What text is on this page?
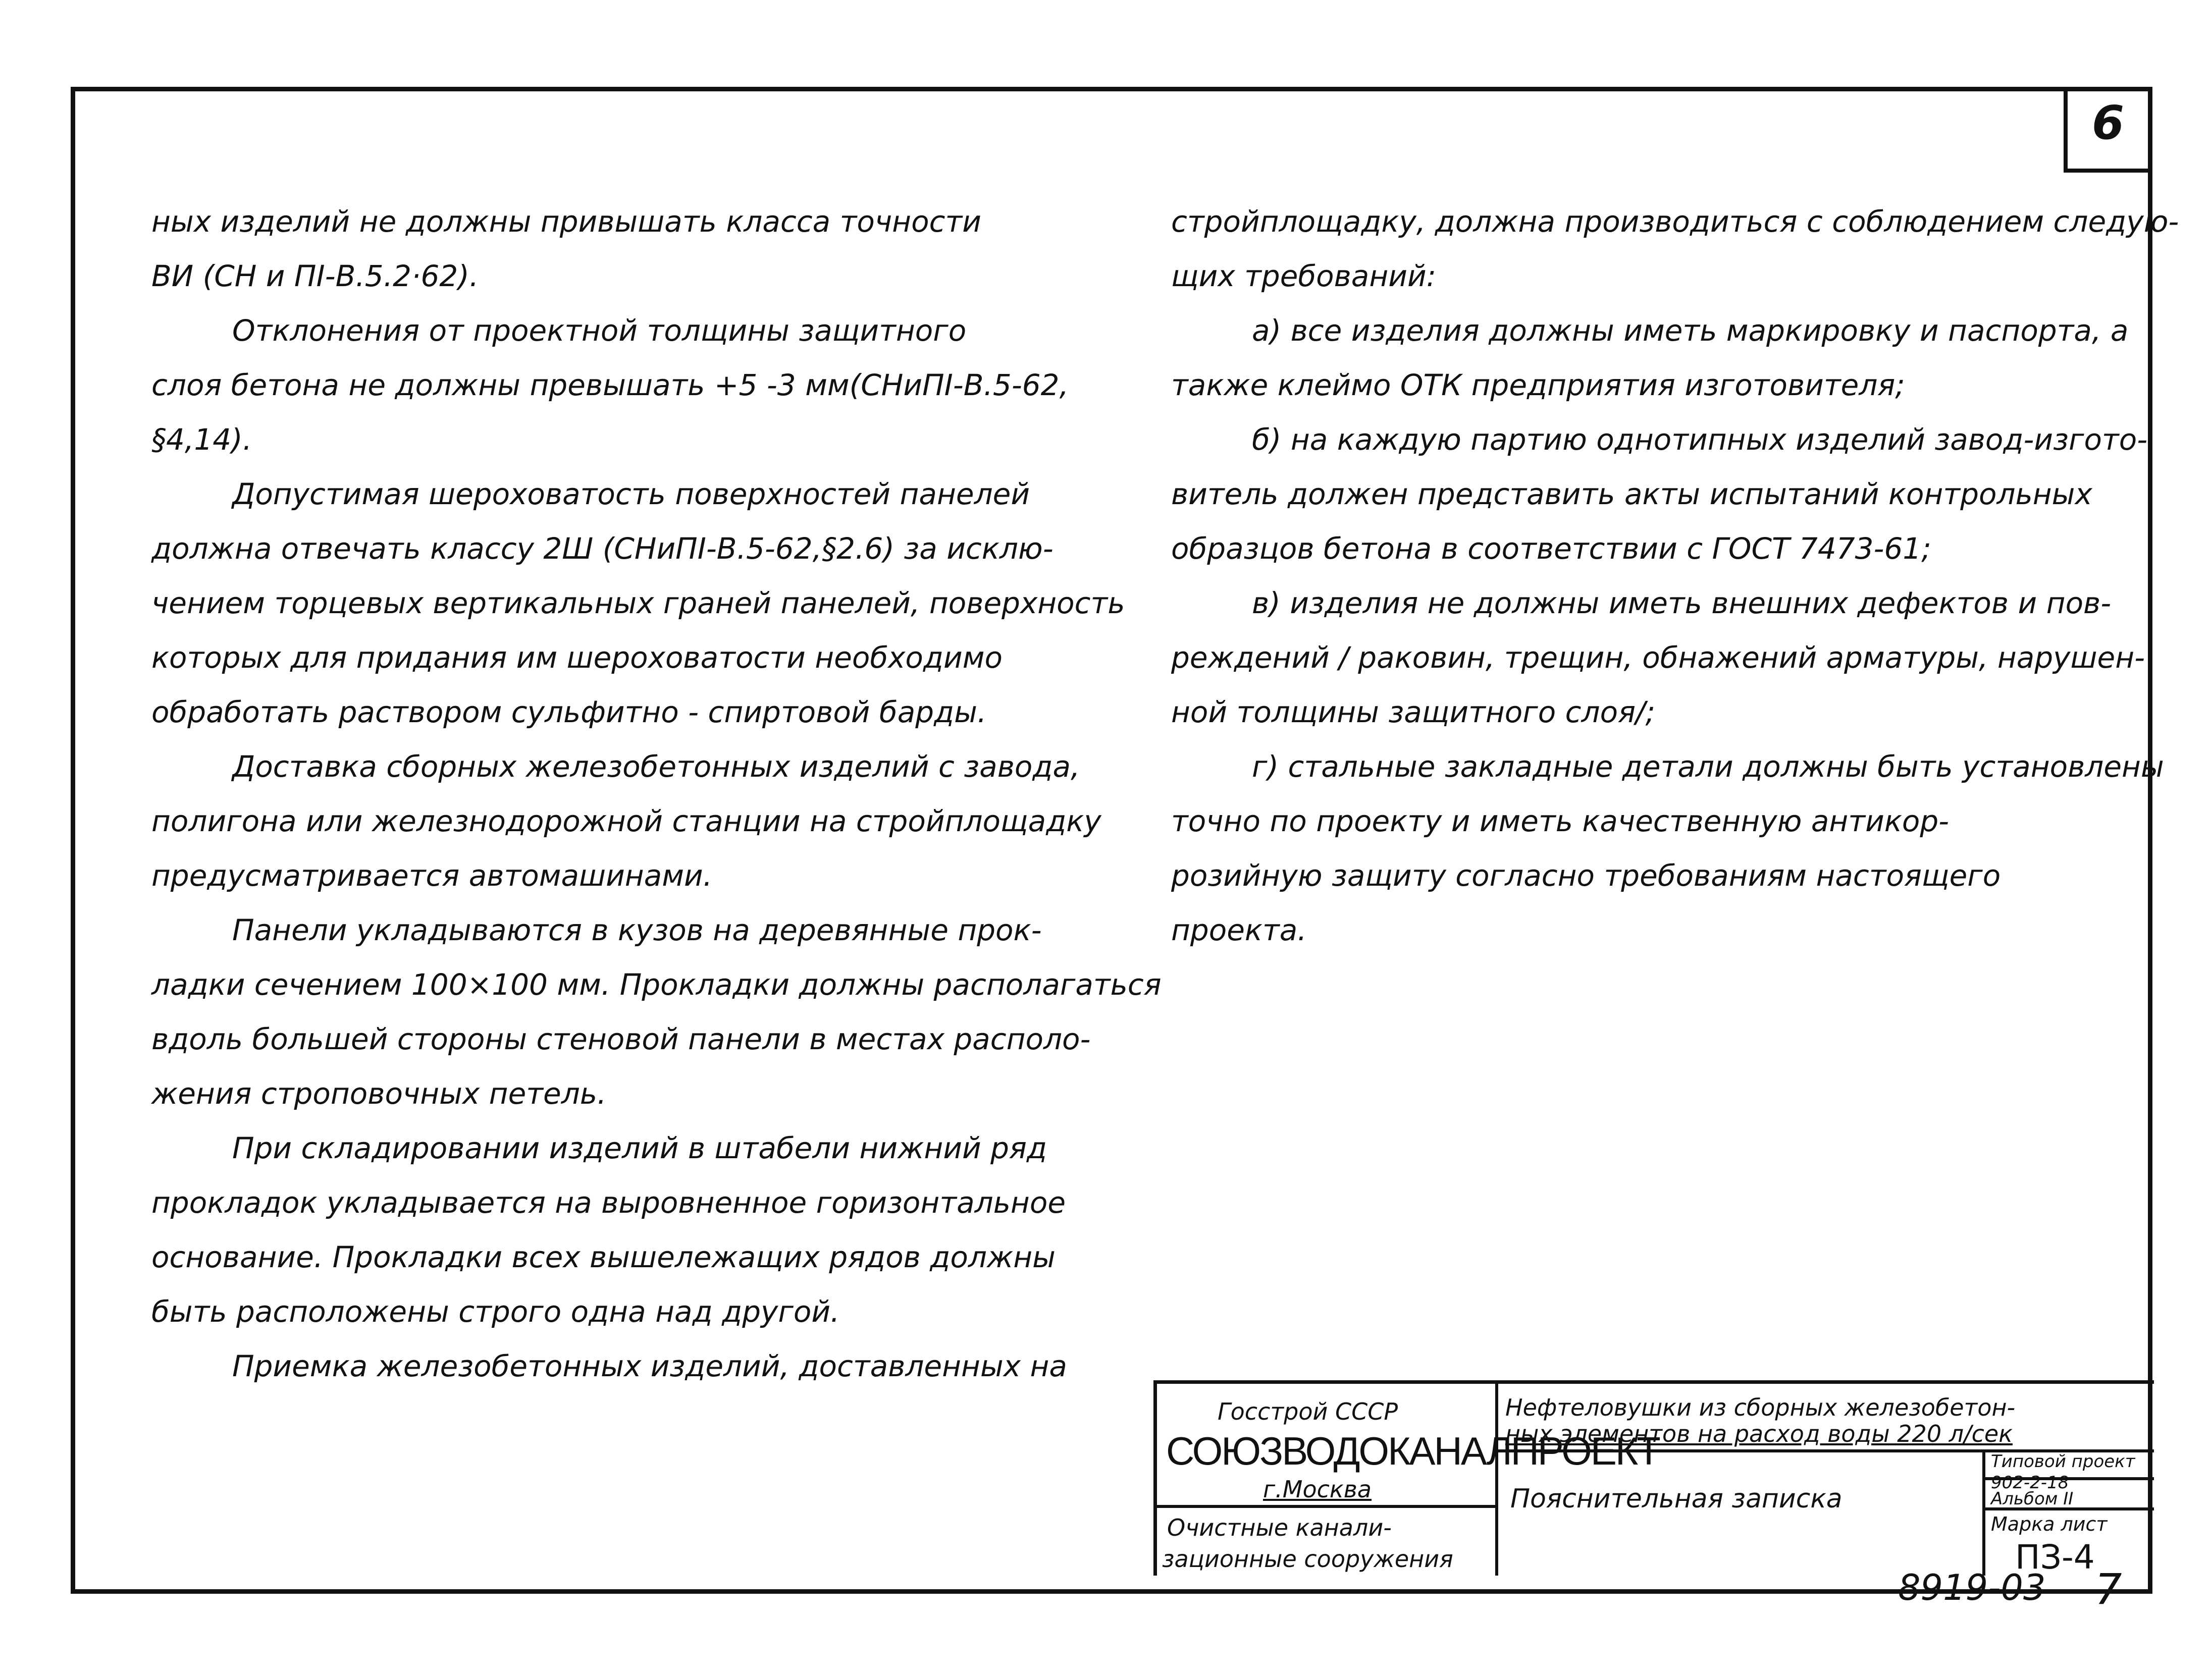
6

ных изделий не должны привышать класса точности

ВИ (СН и ПI-В.5.2·62).

Отклонения от проектной толщины защитного

слоя бетона не должны превышать +5 -3 мм(СНиПI-В.5-62,

§4,14).

Допустимая шероховатость поверхностей панелей

должна отвечать классу 2Ш (СНиПI-В.5-62,§2.6) за исклю-

чением торцевых вертикальных граней панелей, поверхность

которых для придания им шероховатости необходимо

обработать раствором сульфитно - спиртовой барды.

Доставка сборных железобетонных изделий с завода,

полигона или железнодорожной станции на стройплощадку

предусматривается автомашинами.

Панели укладываются в кузов на деревянные прок-

ладки сечением 100×100 мм. Прокладки должны располагаться

вдоль большей стороны стеновой панели в местах располо-

жения строповочных петель.

При складировании изделий в штабели нижний ряд

прокладок укладывается на выровненное горизонтальное

основание. Прокладки всех вышележащих рядов должны

быть расположены строго одна над другой.

Приемка железобетонных изделий, доставленных на

стройплощадку, должна производиться с соблюдением следую-

щих требований:

а) все изделия должны иметь маркировку и паспорта, а

также клеймо ОТК предприятия изготовителя;

б) на каждую партию однотипных изделий завод-изгото-

витель должен представить акты испытаний контрольных

образцов бетона в соответствии с ГОСТ 7473-61;

в) изделия не должны иметь внешних дефектов и пов-

реждений / раковин, трещин, обнажений арматуры, нарушен-

ной толщины защитного слоя/;

г) стальные закладные детали должны быть установлены

точно по проекту и иметь качественную антикор-

розийную защиту согласно требованиям настоящего

проекта.

Госстрой СССР
СОЮЗВОДОКАНАЛПРОЕКТ
г.Москва
Очистные канали-
зационные сооружения
Нефтеловушки из сборных железобетон-
ных элементов на расход воды 220 л/сек
Пояснительная записка
Типовой проект
902-2-18
Альбом II
Марка лист
ПЗ-4
8919-03 7
